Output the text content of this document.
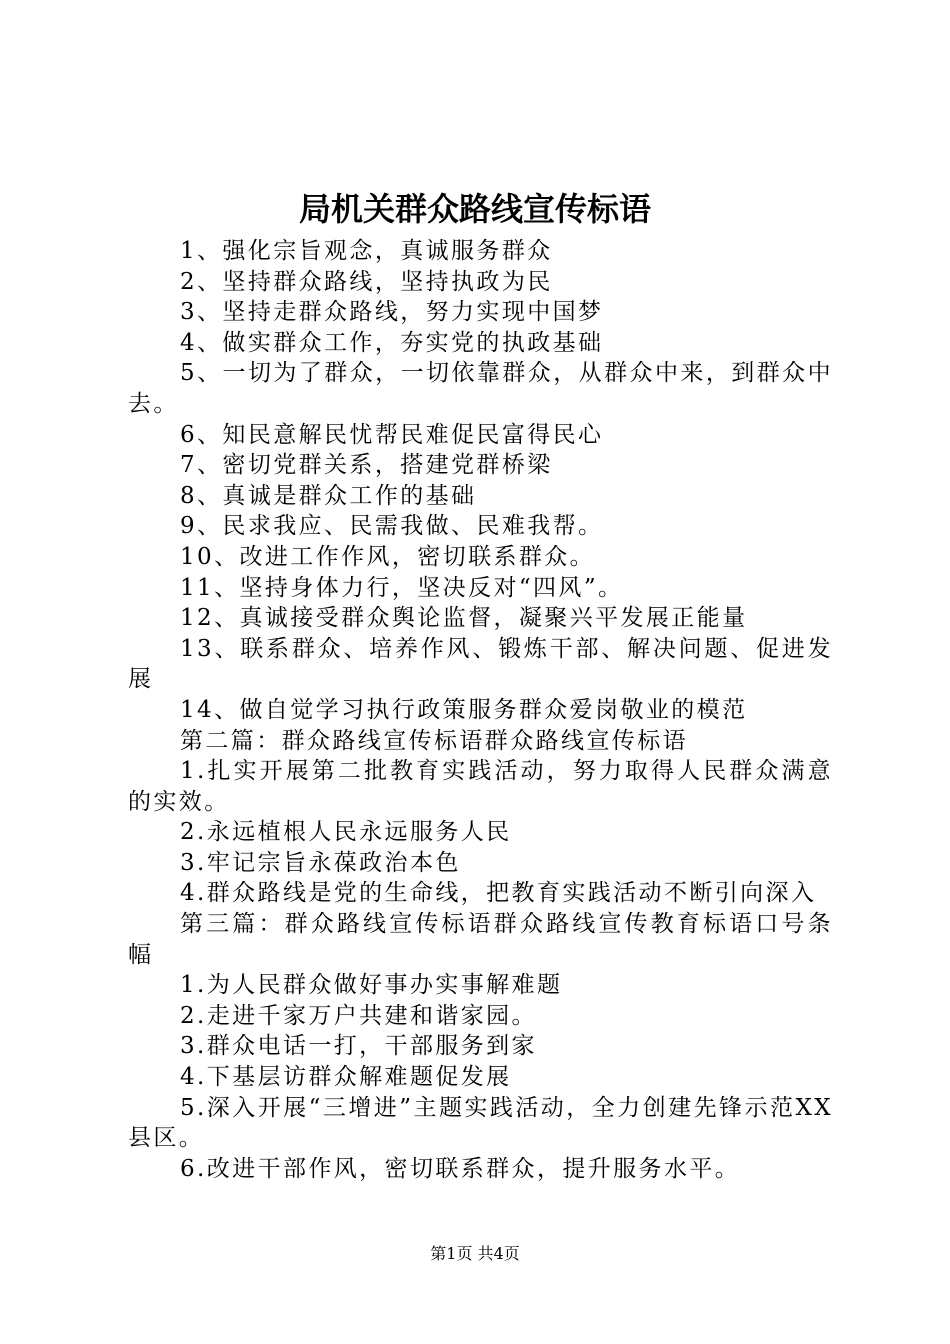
局机关群众路线宣传标语

1、强化宗旨观念，真诚服务群众

2、坚持群众路线，坚持执政为民

3、坚持走群众路线，努力实现中国梦

4、做实群众工作，夯实党的执政基础

5、一切为了群众，一切依靠群众，从群众中来，到群众中去。

6、知民意解民忧帮民难促民富得民心

7、密切党群关系，搭建党群桥梁

8、真诚是群众工作的基础

9、民求我应、民需我做、民难我帮。

10、改进工作作风，密切联系群众。

11、坚持身体力行，坚决反对“四风”。

12、真诚接受群众舆论监督，凝聚兴平发展正能量

13、联系群众、培养作风、锻炼干部、解决问题、促进发展

14、做自觉学习执行政策服务群众爱岗敬业的模范

第二篇：群众路线宣传标语群众路线宣传标语

1.扎实开展第二批教育实践活动，努力取得人民群众满意的实效。

2.永远植根人民永远服务人民

3.牢记宗旨永葆政治本色

4.群众路线是党的生命线，把教育实践活动不断引向深入

第三篇：群众路线宣传标语群众路线宣传教育标语口号条幅

1.为人民群众做好事办实事解难题

2.走进千家万户共建和谐家园。

3.群众电话一打，干部服务到家

4.下基层访群众解难题促发展

5.深入开展“三增进”主题实践活动，全力创建先锋示范XX县区。

6.改进干部作风，密切联系群众，提升服务水平。

第1页 共4页
